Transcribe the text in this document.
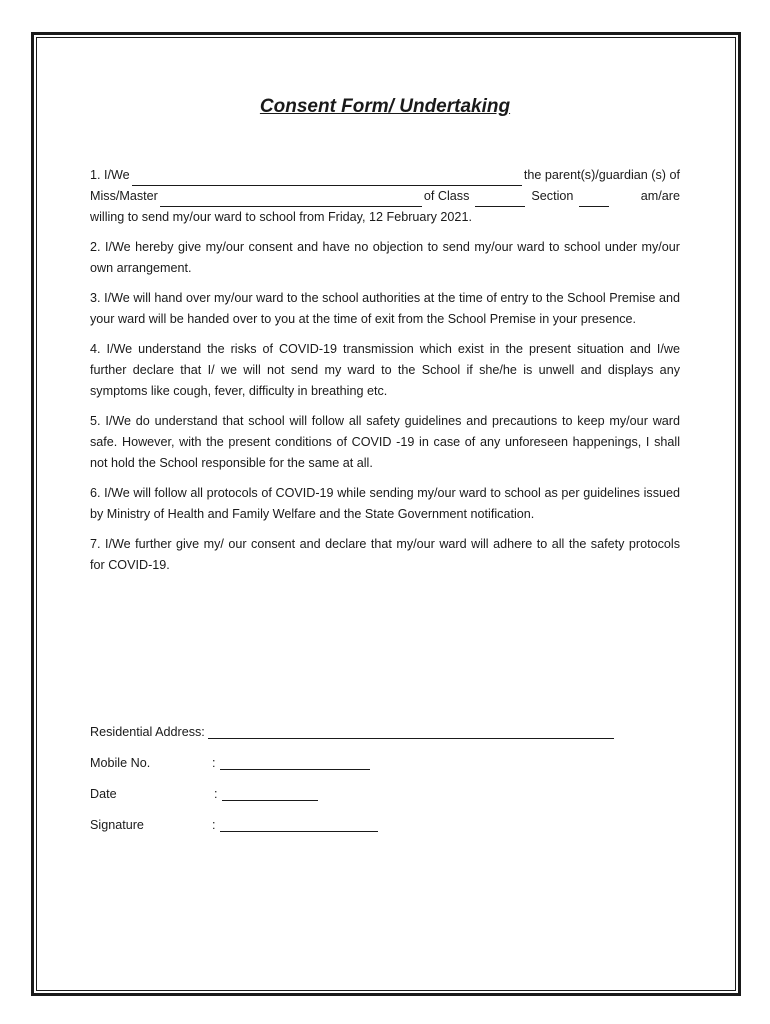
Consent Form/ Undertaking
1. I/We	the parent(s)/guardian (s) of
Miss/Master	of Class	Section	am/are
willing to send my/our ward to school from Friday, 12 February 2021.

2. I/We hereby give my/our consent and have no objection to send my/our ward to school under my/our own arrangement.

3. I/We will hand over my/our ward to the school authorities at the time of entry to the School Premise and your ward will be handed over to you at the time of exit from the School Premise in your presence.

4. I/We understand the risks of COVID-19 transmission which exist in the present situation and I/we further declare that I/ we will not send my ward to the School if she/he is unwell and displays any symptoms like cough, fever, difficulty in breathing etc.

5. I/We do understand that school will follow all safety guidelines and precautions to keep my/our ward safe. However, with the present conditions of COVID -19 in case of any unforeseen happenings, I shall not hold the School responsible for the same at all.

6. I/We will follow all protocols of COVID-19 while sending my/our ward to school as per guidelines issued by Ministry of Health and Family Welfare and the State Government notification.

7. I/We further give my/ our consent and declare that my/our ward will adhere to all the safety protocols for COVID-19.

Residential Address:
Mobile No.	:
Date	:
Signature	:
